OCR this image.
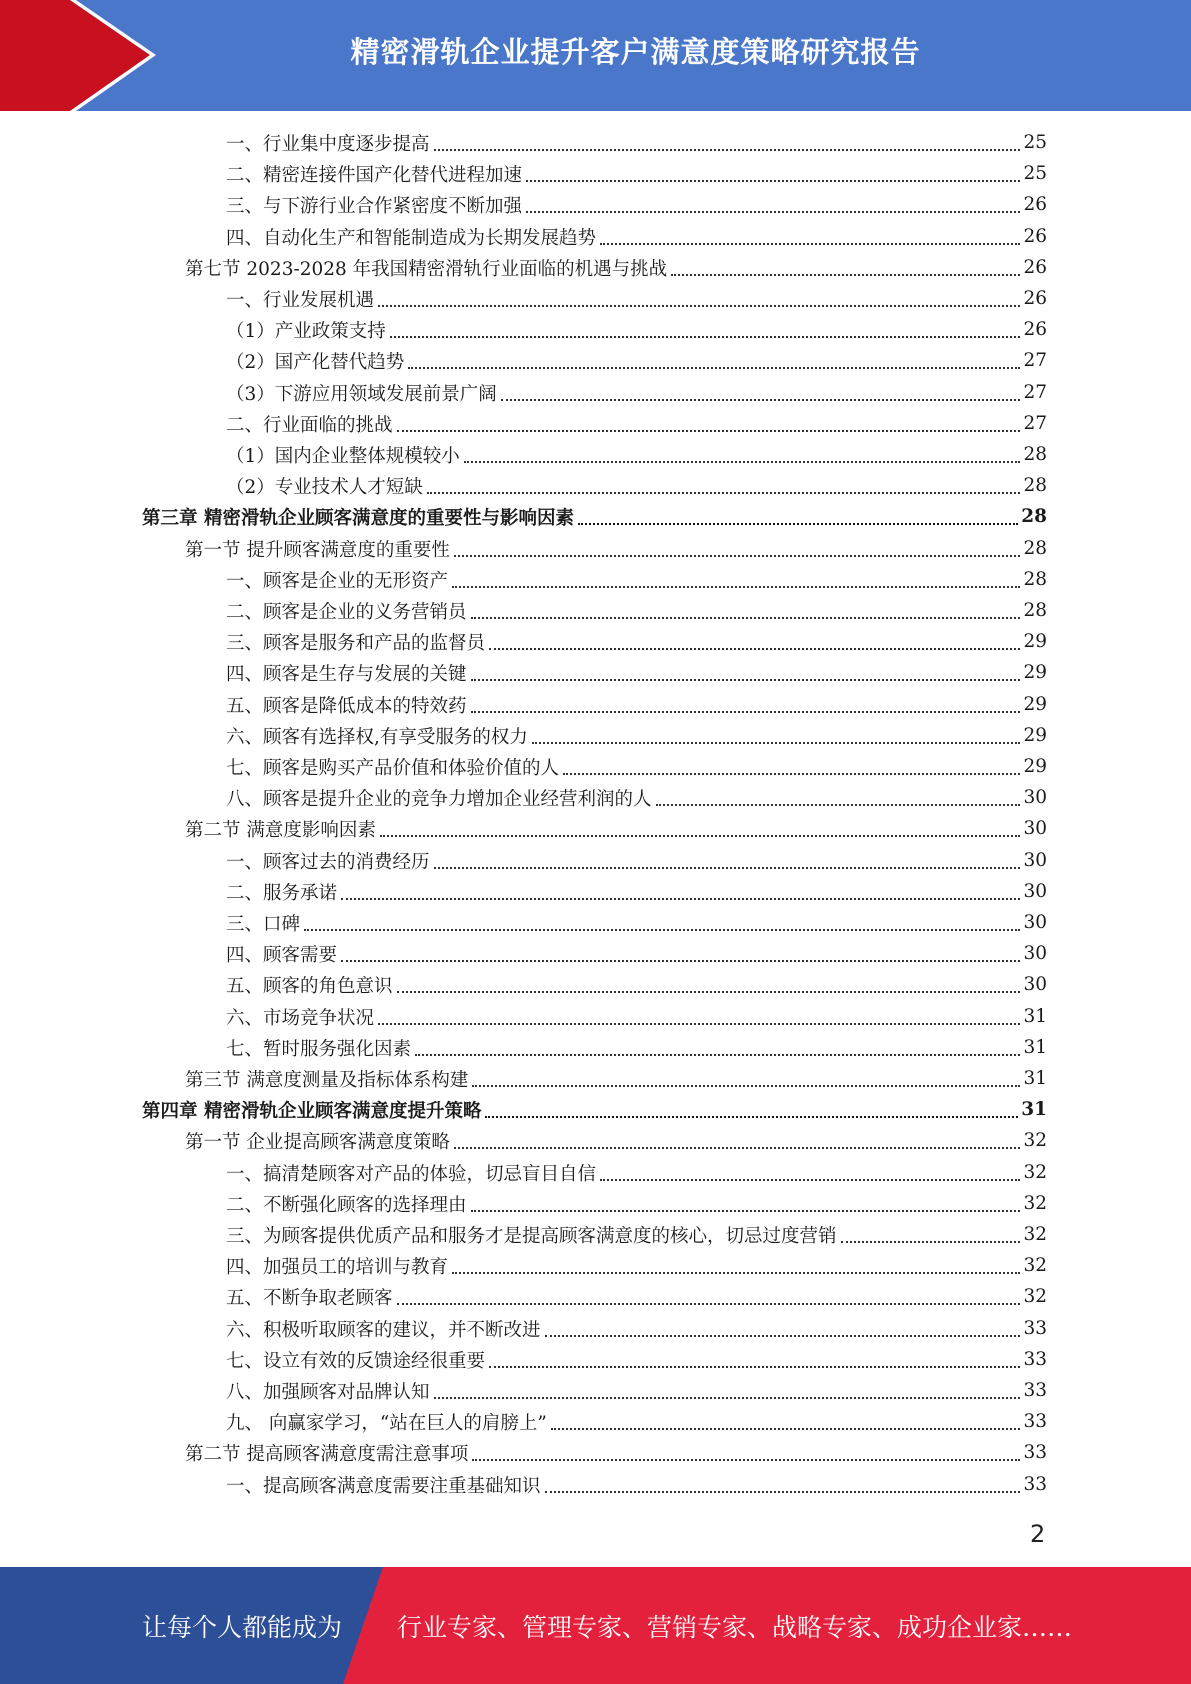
精密滑轨企业提升客户满意度策略研究报告
一、行业集中度逐步提高	25
二、精密连接件国产化替代进程加速	25
三、与下游行业合作紧密度不断加强	26
四、自动化生产和智能制造成为长期发展趋势	26
第七节 2023-2028 年我国精密滑轨行业面临的机遇与挑战	26
一、行业发展机遇	26
（1）产业政策支持	26
（2）国产化替代趋势	27
（3）下游应用领域发展前景广阔	27
二、行业面临的挑战	27
（1）国内企业整体规模较小	28
（2）专业技术人才短缺	28
第三章 精密滑轨企业顾客满意度的重要性与影响因素	28
第一节 提升顾客满意度的重要性	28
一、顾客是企业的无形资产	28
二、顾客是企业的义务营销员	28
三、顾客是服务和产品的监督员	29
四、顾客是生存与发展的关键	29
五、顾客是降低成本的特效药	29
六、顾客有选择权,有享受服务的权力	29
七、顾客是购买产品价值和体验价值的人	29
八、顾客是提升企业的竞争力增加企业经营利润的人	30
第二节 满意度影响因素	30
一、顾客过去的消费经历	30
二、服务承诺	30
三、口碑	30
四、顾客需要	30
五、顾客的角色意识	30
六、市场竞争状况	31
七、暂时服务强化因素	31
第三节 满意度测量及指标体系构建	31
第四章 精密滑轨企业顾客满意度提升策略	31
第一节 企业提高顾客满意度策略	32
一、搞清楚顾客对产品的体验，切忌盲目自信	32
二、不断强化顾客的选择理由	32
三、为顾客提供优质产品和服务才是提高顾客满意度的核心，切忌过度营销	32
四、加强员工的培训与教育	32
五、不断争取老顾客	32
六、积极听取顾客的建议，并不断改进	33
七、设立有效的反馈途经很重要	33
八、加强顾客对品牌认知	33
九、 向赢家学习，“站在巨人的肩膀上”	33
第二节 提高顾客满意度需注意事项	33
一、提高顾客满意度需要注重基础知识	33
2
让每个人都能成为 行业专家、管理专家、营销专家、战略专家、成功企业家……
